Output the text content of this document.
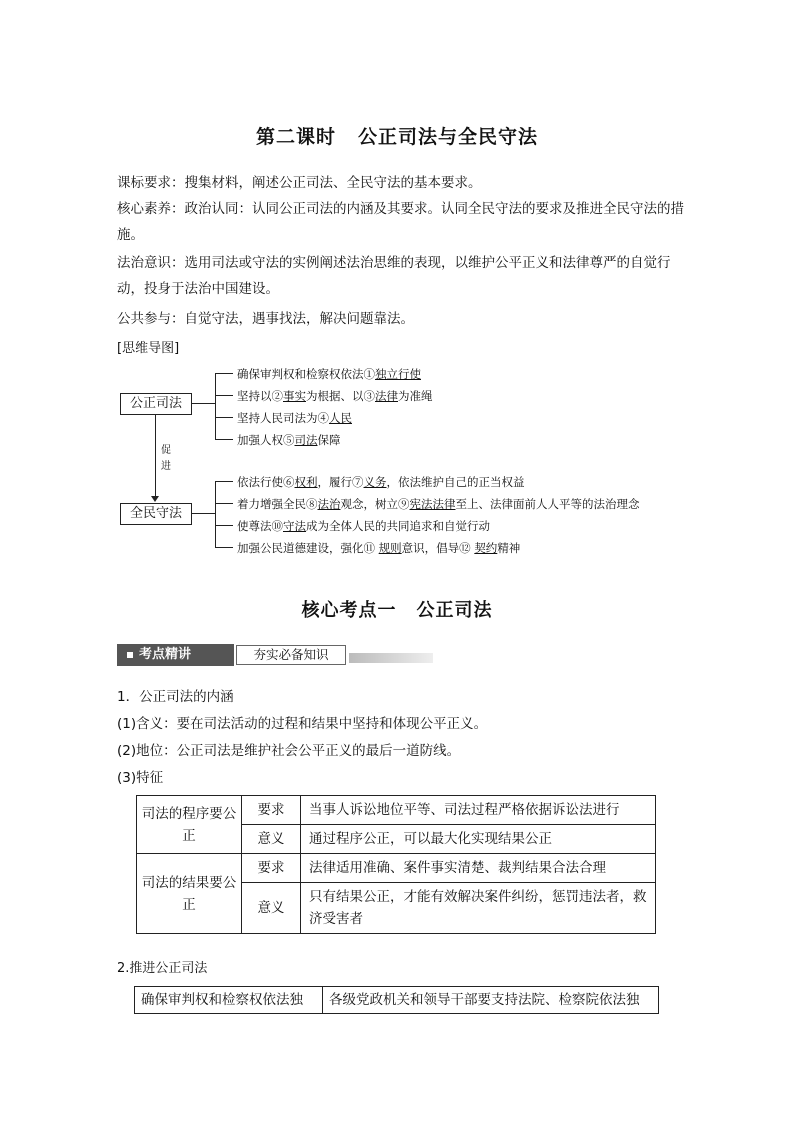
第二课时 公正司法与全民守法

课标要求：搜集材料，阐述公正司法、全民守法的基本要求。

核心素养：政治认同：认同公正司法的内涵及其要求。认同全民守法的要求及推进全民守法的措施。

法治意识：选用司法或守法的实例阐述法治思维的表现，以维护公平正义和法律尊严的自觉行动，投身于法治中国建设。

公共参与：自觉守法，遇事找法，解决问题靠法。

[思维导图]
公正司法
全民守法
促
进
确保审判权和检察权依法①独立行使
坚持以②事实为根据、以③法律为准绳
坚持人民司法为④人民
加强人权⑤司法保障
依法行使⑥权利，履行⑦义务，依法维护自己的正当权益
着力增强全民⑧法治观念，树立⑨宪法法律至上、法律面前人人平等的法治理念
使尊法⑩守法成为全体人民的共同追求和自觉行动
加强公民道德建设，强化⑪ 规则意识，倡导⑫ 契约精神
核心考点一 公正司法
考点精讲	夯实必备知识
1．公正司法的内涵
(1)含义：要在司法活动的过程和结果中坚持和体现公平正义。
(2)地位：公正司法是维护社会公平正义的最后一道防线。
(3)特征
司法的程序要公正	要求	当事人诉讼地位平等、司法过程严格依据诉讼法进行
	意义	通过程序公正，可以最大化实现结果公正
司法的结果要公正	要求	法律适用准确、案件事实清楚、裁判结果合法合理
	意义	只有结果公正，才能有效解决案件纠纷，惩罚违法者，救济受害者
2.推进公正司法
确保审判权和检察权依法独	各级党政机关和领导干部要支持法院、检察院依法独
